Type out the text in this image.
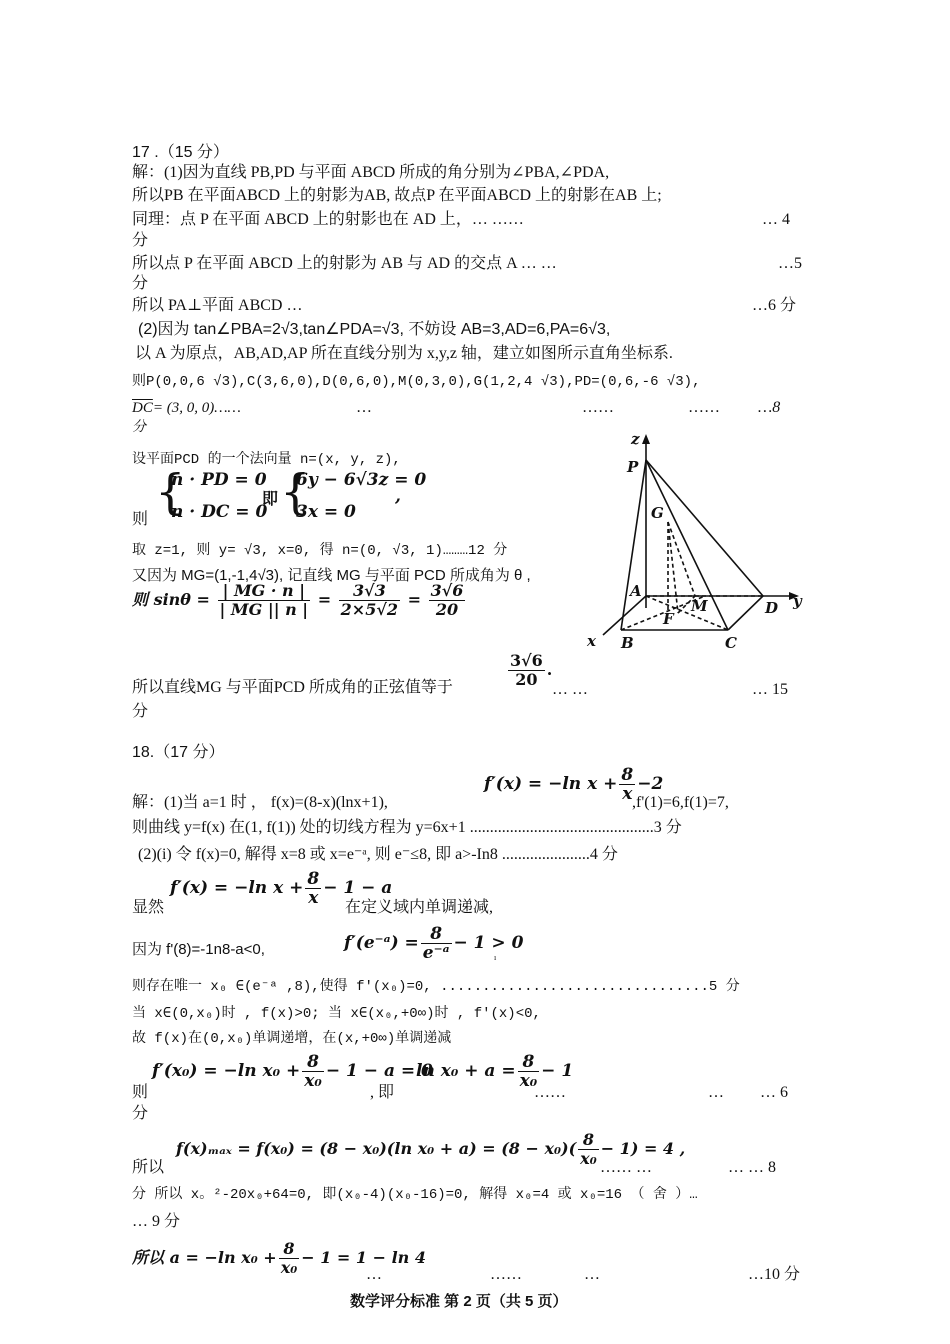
17 .（15 分）
解：(1)因为直线 PB,PD 与平面 ABCD 所成的角分别为∠PBA,∠PDA,
所以PB 在平面ABCD 上的射影为AB, 故点P 在平面ABCD 上的射影在AB 上;
同理：点 P 在平面 ABCD 上的射影也在 AD 上，… ……	… 4
分
所以点 P 在平面 ABCD 上的射影为 AB 与 AD 的交点 A … …	…5
分
所以 PA⊥平面 ABCD …	…6 分
(2)因为 tan∠PBA=2√3,tan∠PDA=√3, 不妨设 AB=3,AD=6,PA=6√3,
以 A 为原点，AB,AD,AP 所在直线分别为 x,y,z 轴，建立如图所示直角坐标系.
则P(0,0,6 √3),C(3,6,0),D(0,6,0),M(0,3,0),G(1,2,4 √3),PD=(0,6,-6 √3),
$\overline{DC}= (3$, 0, 0)……	…	……	…… …8
分
设平面PCD 的一个法向量 n=(x, y, z),
则 {
n · PD = 0
n · DC = 0
即 {
6y − 6√3z = 0
3x = 0
,
取 z=1, 则 y= √3, x=0, 得 n=(0, √3, 1)………12 分
又因为 MG=(1,-1,4√3), 记直线 MG 与平面 PCD 所成角为 θ ,
则 $\sin\theta = \frac{| MG \cdot n |}{| MG || n |} = \frac{3√3}{2\times 5√2} = \frac{3√6}{20}$
所以直线MG 与平面PCD 所成角的正弦值等于	$\frac{3√6}{20}$ .
… …	… 15
分
z
P
G
A
M
F
D y
x B	C
18.（17 分）
解：(1)当 a=1 时 ， f(x)=(8-x)(lnx+1),
f′(x) = −ln $x + \frac{8}{x} -2$
,f'(1)=6,f(1)=7,
则曲线 y=f(x) 在(1, f(1)) 处的切线方程为 y=6x+1 ..............................................3 分
(2)(i) 令 f(x)=0, 解得 x=8 或 x=e⁻ᵃ, 则 e⁻≤8, 即 a>-In8 ......................4 分
显然
f′(x) = −ln $x + \frac{8}{x} - 1 - a$
在定义域内单调递减,
因为 f'(8)=-1n8-a<0,	f′(e⁻ᵃ) = $\frac{8}{\text{e⁻ᵃ}} - 1 > 0$
ı
则存在唯一 x₀ ∈(e⁻ᵃ ,8),使得 f'(x₀)=0, ................................5 分
当 x∈(0,x₀)时 , f(x)>0; 当 x∈(x₀,+0∞)时 , f'(x)<0,
故 f(x)在(0,x₀)单调递增，在(x,+0∞)单调递减
则
f′(x₀) = −ln $x_0 + \frac{8}{\text{x₀}} - 1 - a = 0$
, 即
$\ln x_0 + a = \frac{8}{\text{x₀}} - 1$
……	… … 6
分
所以
f(x)ₘₐₓ = f(x₀) = (8 − x₀)(ln $x_0 + a) = (8 - x_0)( \frac{8}{\text{x₀}} - 1) = 4$ ,
…… …	… … 8
分 所以 x。²-20x₀+64=0, 即(x₀-4)(x₀-16)=0, 解得 x₀=4 或 x₀=16 （ 舍 ）…
… 9 分
所以 a = −ln $x_0 + \frac{8}{\text{x₀}} - 1 = 1 - \ln 4$
…	……	…	…10 分
数学评分标准 第 2 页（共 5 页）
